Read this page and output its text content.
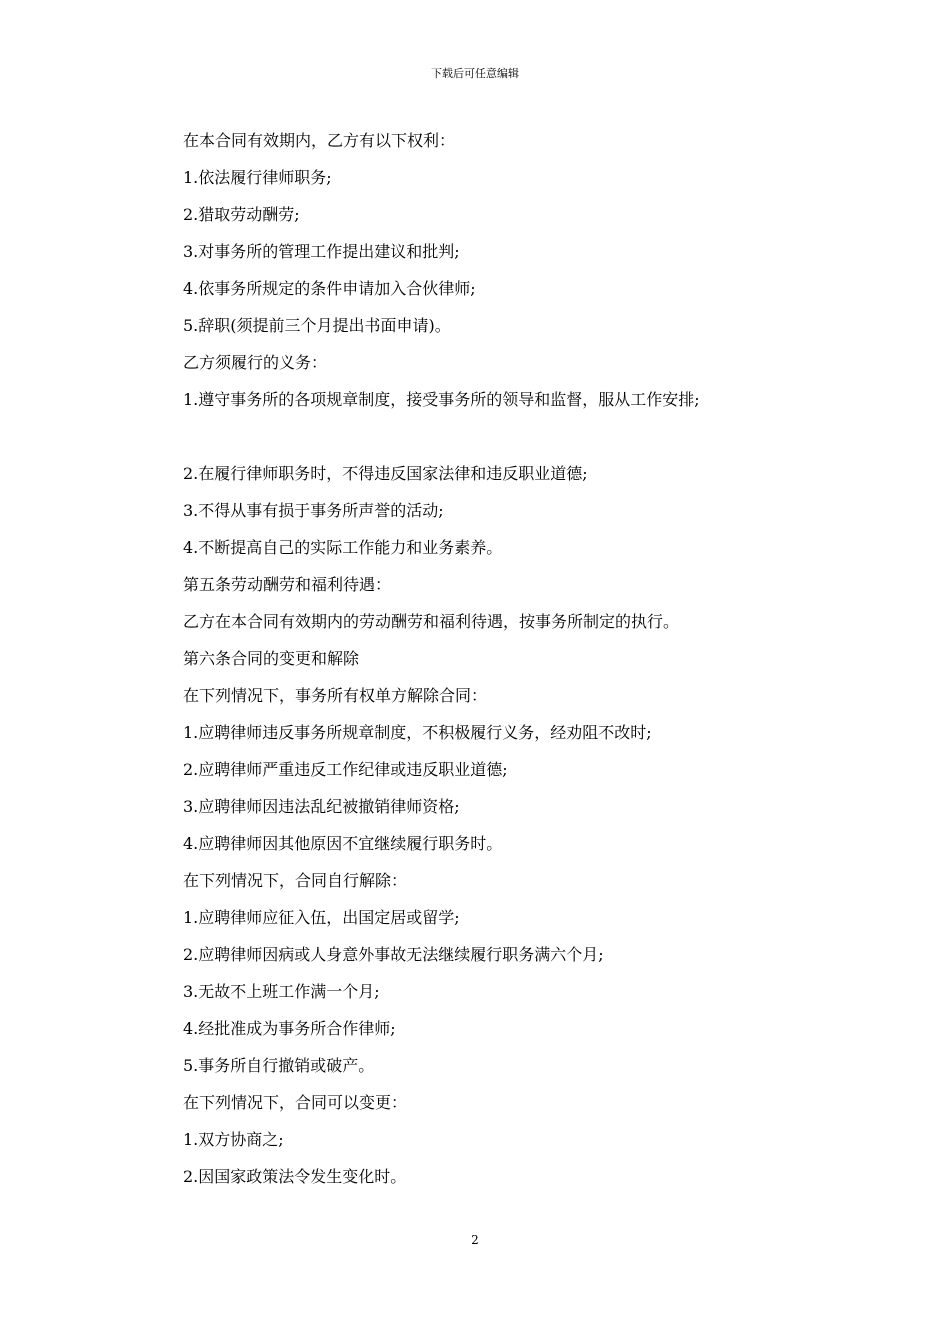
下载后可任意编辑
在本合同有效期内，乙方有以下权利：
1.依法履行律师职务;
2.猎取劳动酬劳;
3.对事务所的管理工作提出建议和批判;
4.依事务所规定的条件申请加入合伙律师;
5.辞职(须提前三个月提出书面申请)。
乙方须履行的义务：
1.遵守事务所的各项规章制度，接受事务所的领导和监督，服从工作安排;
2.在履行律师职务时，不得违反国家法律和违反职业道德;
3.不得从事有损于事务所声誉的活动;
4.不断提高自己的实际工作能力和业务素养。
第五条劳动酬劳和福利待遇：
乙方在本合同有效期内的劳动酬劳和福利待遇，按事务所制定的执行。
第六条合同的变更和解除
在下列情况下，事务所有权单方解除合同：
1.应聘律师违反事务所规章制度，不积极履行义务，经劝阻不改时;
2.应聘律师严重违反工作纪律或违反职业道德;
3.应聘律师因违法乱纪被撤销律师资格;
4.应聘律师因其他原因不宜继续履行职务时。
在下列情况下，合同自行解除：
1.应聘律师应征入伍，出国定居或留学;
2.应聘律师因病或人身意外事故无法继续履行职务满六个月;
3.无故不上班工作满一个月;
4.经批准成为事务所合作律师;
5.事务所自行撤销或破产。
在下列情况下，合同可以变更：
1.双方协商之;
2.因国家政策法令发生变化时。
2
